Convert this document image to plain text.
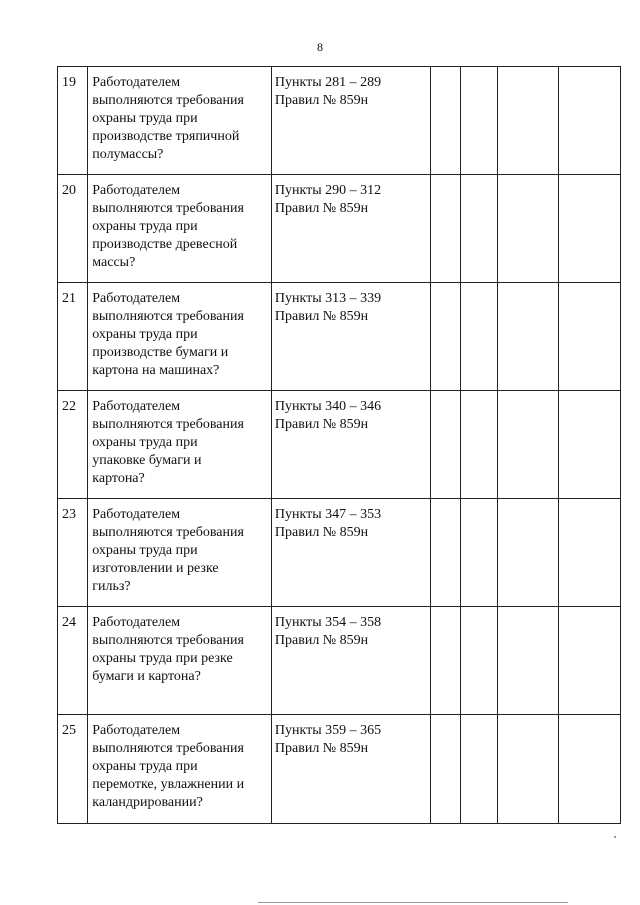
8
19	Работодателем
выполняются требования
охраны труда при
производстве тряпичной
полумассы?	Пункты 281 – 289
Правил № 859н				

20	Работодателем
выполняются требования
охраны труда при
производстве древесной
массы?	Пункты 290 – 312
Правил № 859н				

21	Работодателем
выполняются требования
охраны труда при
производстве бумаги и
картона на машинах?	Пункты 313 – 339
Правил № 859н				

22	Работодателем
выполняются требования
охраны труда при
упаковке бумаги и
картона?	Пункты 340 – 346
Правил № 859н				

23	Работодателем
выполняются требования
охраны труда при
изготовлении и резке
гильз?	Пункты 347 – 353
Правил № 859н				

24	Работодателем
выполняются требования
охраны труда при резке
бумаги и картона?	Пункты 354 – 358
Правил № 859н				

25	Работодателем
выполняются требования
охраны труда при
перемотке, увлажнении и
каландрировании?	Пункты 359 – 365
Правил № 859н				
